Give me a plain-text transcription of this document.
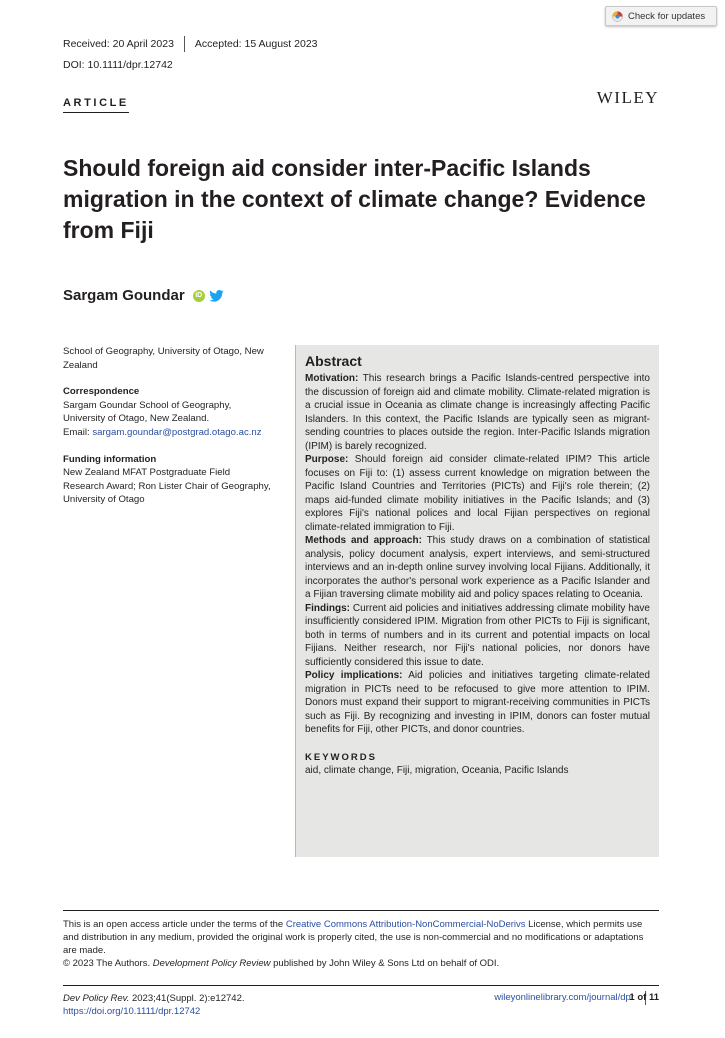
Check for updates
Received: 20 April 2023 Accepted: 15 August 2023
DOI: 10.1111/dpr.12742
ARTICLE	WILEY
Should foreign aid consider inter-Pacific Islands migration in the context of climate change? Evidence from Fiji
Sargam Goundar	iD
School of Geography, University of Otago, New Zealand
Correspondence
Sargam Goundar School of Geography, University of Otago, New Zealand.
Email: sargam.goundar@postgrad.otago.ac.nz
Funding information
New Zealand MFAT Postgraduate Field Research Award; Ron Lister Chair of Geography, University of Otago
Abstract

Motivation: This research brings a Pacific Islands-centred perspective into the discussion of foreign aid and climate mobility. Climate-related migration is a crucial issue in Oceania as climate change is increasingly affecting Pacific Islanders. In this context, the Pacific Islands are typically seen as migrant-sending countries to places outside the region. Inter-Pacific Islands migration (IPIM) is barely recognized.

Purpose: Should foreign aid consider climate-related IPIM? This article focuses on Fiji to: (1) assess current knowledge on migration between the Pacific Island Countries and Territories (PICTs) and Fiji's role therein; (2) maps aid-funded climate mobility initiatives in the Pacific Islands; and (3) explores Fiji's national polices and local Fijian perspectives on regional climate-related immigration to Fiji.

Methods and approach: This study draws on a combination of statistical analysis, policy document analysis, expert interviews, and semi-structured interviews and an in-depth online survey involving local Fijians. Additionally, it incorporates the author's personal work experience as a Pacific Islander and a Fijian traversing climate mobility aid and policy spaces relating to Oceania.

Findings: Current aid policies and initiatives addressing climate mobility have insufficiently considered IPIM. Migration from other PICTs to Fiji is significant, both in terms of numbers and in its current and potential impacts on local Fijians. Neither research, nor Fiji's national policies, nor donors have sufficiently considered this issue to date.

Policy implications: Aid policies and initiatives targeting climate-related migration in PICTs need to be refocused to give more attention to IPIM. Donors must expand their support to migrant-receiving communities in PICTs such as Fiji. By recognizing and investing in IPIM, donors can foster mutual benefits for Fiji, other PICTs, and donor countries.

KEYWORDS
aid, climate change, Fiji, migration, Oceania, Pacific Islands
This is an open access article under the terms of the Creative Commons Attribution-NonCommercial-NoDerivs License, which permits use and distribution in any medium, provided the original work is properly cited, the use is non-commercial and no modifications or adaptations are made.
© 2023 The Authors. Development Policy Review published by John Wiley & Sons Ltd on behalf of ODI.
Dev Policy Rev. 2023;41(Suppl. 2):e12742.
https://doi.org/10.1111/dpr.12742
wileyonlinelibrary.com/journal/dpr
1 of 11
